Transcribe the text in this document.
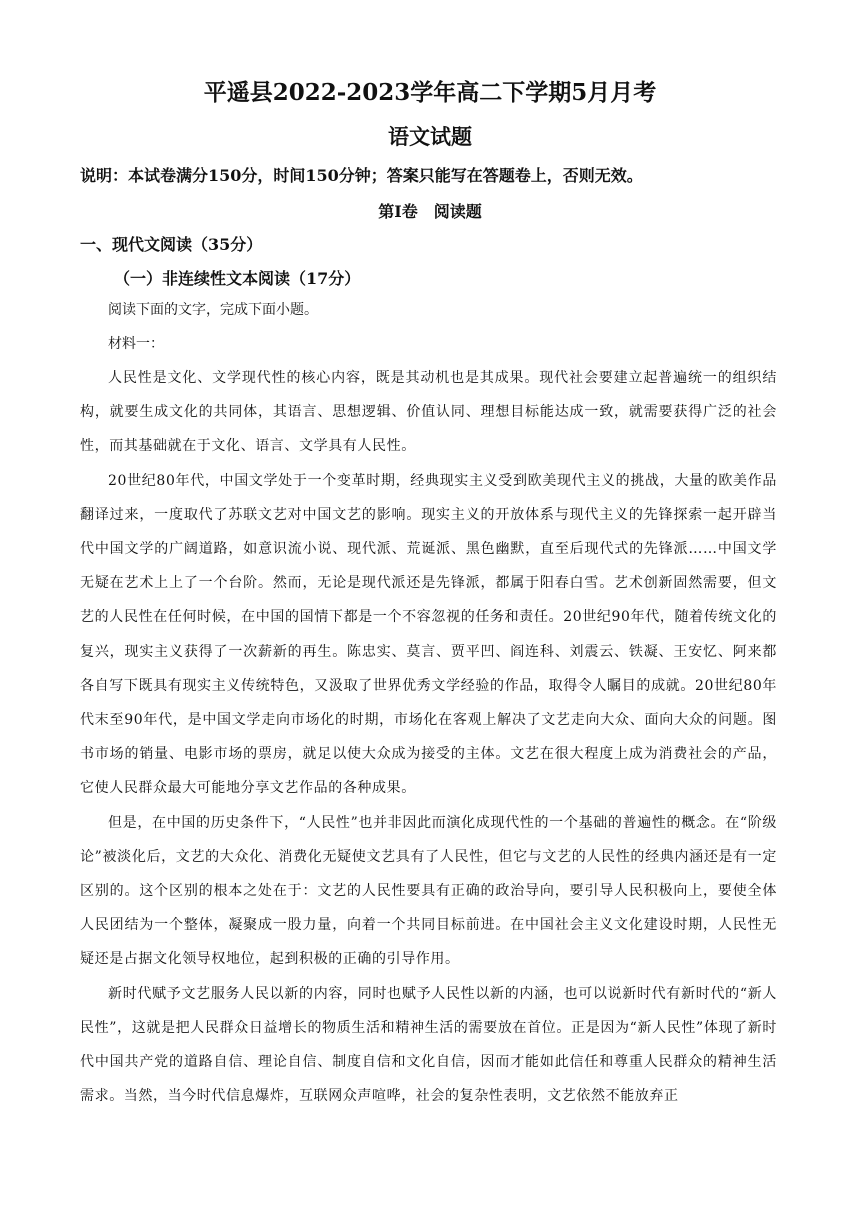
平遥县2022-2023学年高二下学期5月月考
语文试题
说明：本试卷满分150分，时间150分钟；答案只能写在答题卷上，否则无效。
第Ⅰ卷　阅读题
一、现代文阅读（35分）
（一）非连续性文本阅读（17分）
阅读下面的文字，完成下面小题。
材料一：

人民性是文化、文学现代性的核心内容，既是其动机也是其成果。现代社会要建立起普遍统一的组织结构，就要生成文化的共同体，其语言、思想逻辑、价值认同、理想目标能达成一致，就需要获得广泛的社会性，而其基础就在于文化、语言、文学具有人民性。

20世纪80年代，中国文学处于一个变革时期，经典现实主义受到欧美现代主义的挑战，大量的欧美作品翻译过来，一度取代了苏联文艺对中国文艺的影响。现实主义的开放体系与现代主义的先锋探索一起开辟当代中国文学的广阔道路，如意识流小说、现代派、荒诞派、黑色幽默，直至后现代式的先锋派……中国文学无疑在艺术上上了一个台阶。然而，无论是现代派还是先锋派，都属于阳春白雪。艺术创新固然需要，但文艺的人民性在任何时候，在中国的国情下都是一个不容忽视的任务和责任。20世纪90年代，随着传统文化的复兴，现实主义获得了一次薪新的再生。陈忠实、莫言、贾平凹、阎连科、刘震云、铁凝、王安忆、阿来都各自写下既具有现实主义传统特色，又汲取了世界优秀文学经验的作品，取得令人瞩目的成就。20世纪80年代末至90年代，是中国文学走向市场化的时期，市场化在客观上解决了文艺走向大众、面向大众的问题。图书市场的销量、电影市场的票房，就足以使大众成为接受的主体。文艺在很大程度上成为消费社会的产品，它使人民群众最大可能地分享文艺作品的各种成果。

但是，在中国的历史条件下，“人民性”也并非因此而演化成现代性的一个基础的普遍性的概念。在“阶级论”被淡化后，文艺的大众化、消费化无疑使文艺具有了人民性，但它与文艺的人民性的经典内涵还是有一定区别的。这个区别的根本之处在于：文艺的人民性要具有正确的政治导向，要引导人民积极向上，要使全体人民团结为一个整体，凝聚成一股力量，向着一个共同目标前进。在中国社会主义文化建设时期，人民性无疑还是占据文化领导权地位，起到积极的正确的引导作用。

新时代赋予文艺服务人民以新的内容，同时也赋予人民性以新的内涵，也可以说新时代有新时代的“新人民性”，这就是把人民群众日益增长的物质生活和精神生活的需要放在首位。正是因为“新人民性”体现了新时代中国共产党的道路自信、理论自信、制度自信和文化自信，因而才能如此信任和尊重人民群众的精神生活需求。当然，当今时代信息爆炸，互联网众声喧哗，社会的复杂性表明，文艺依然不能放弃正
